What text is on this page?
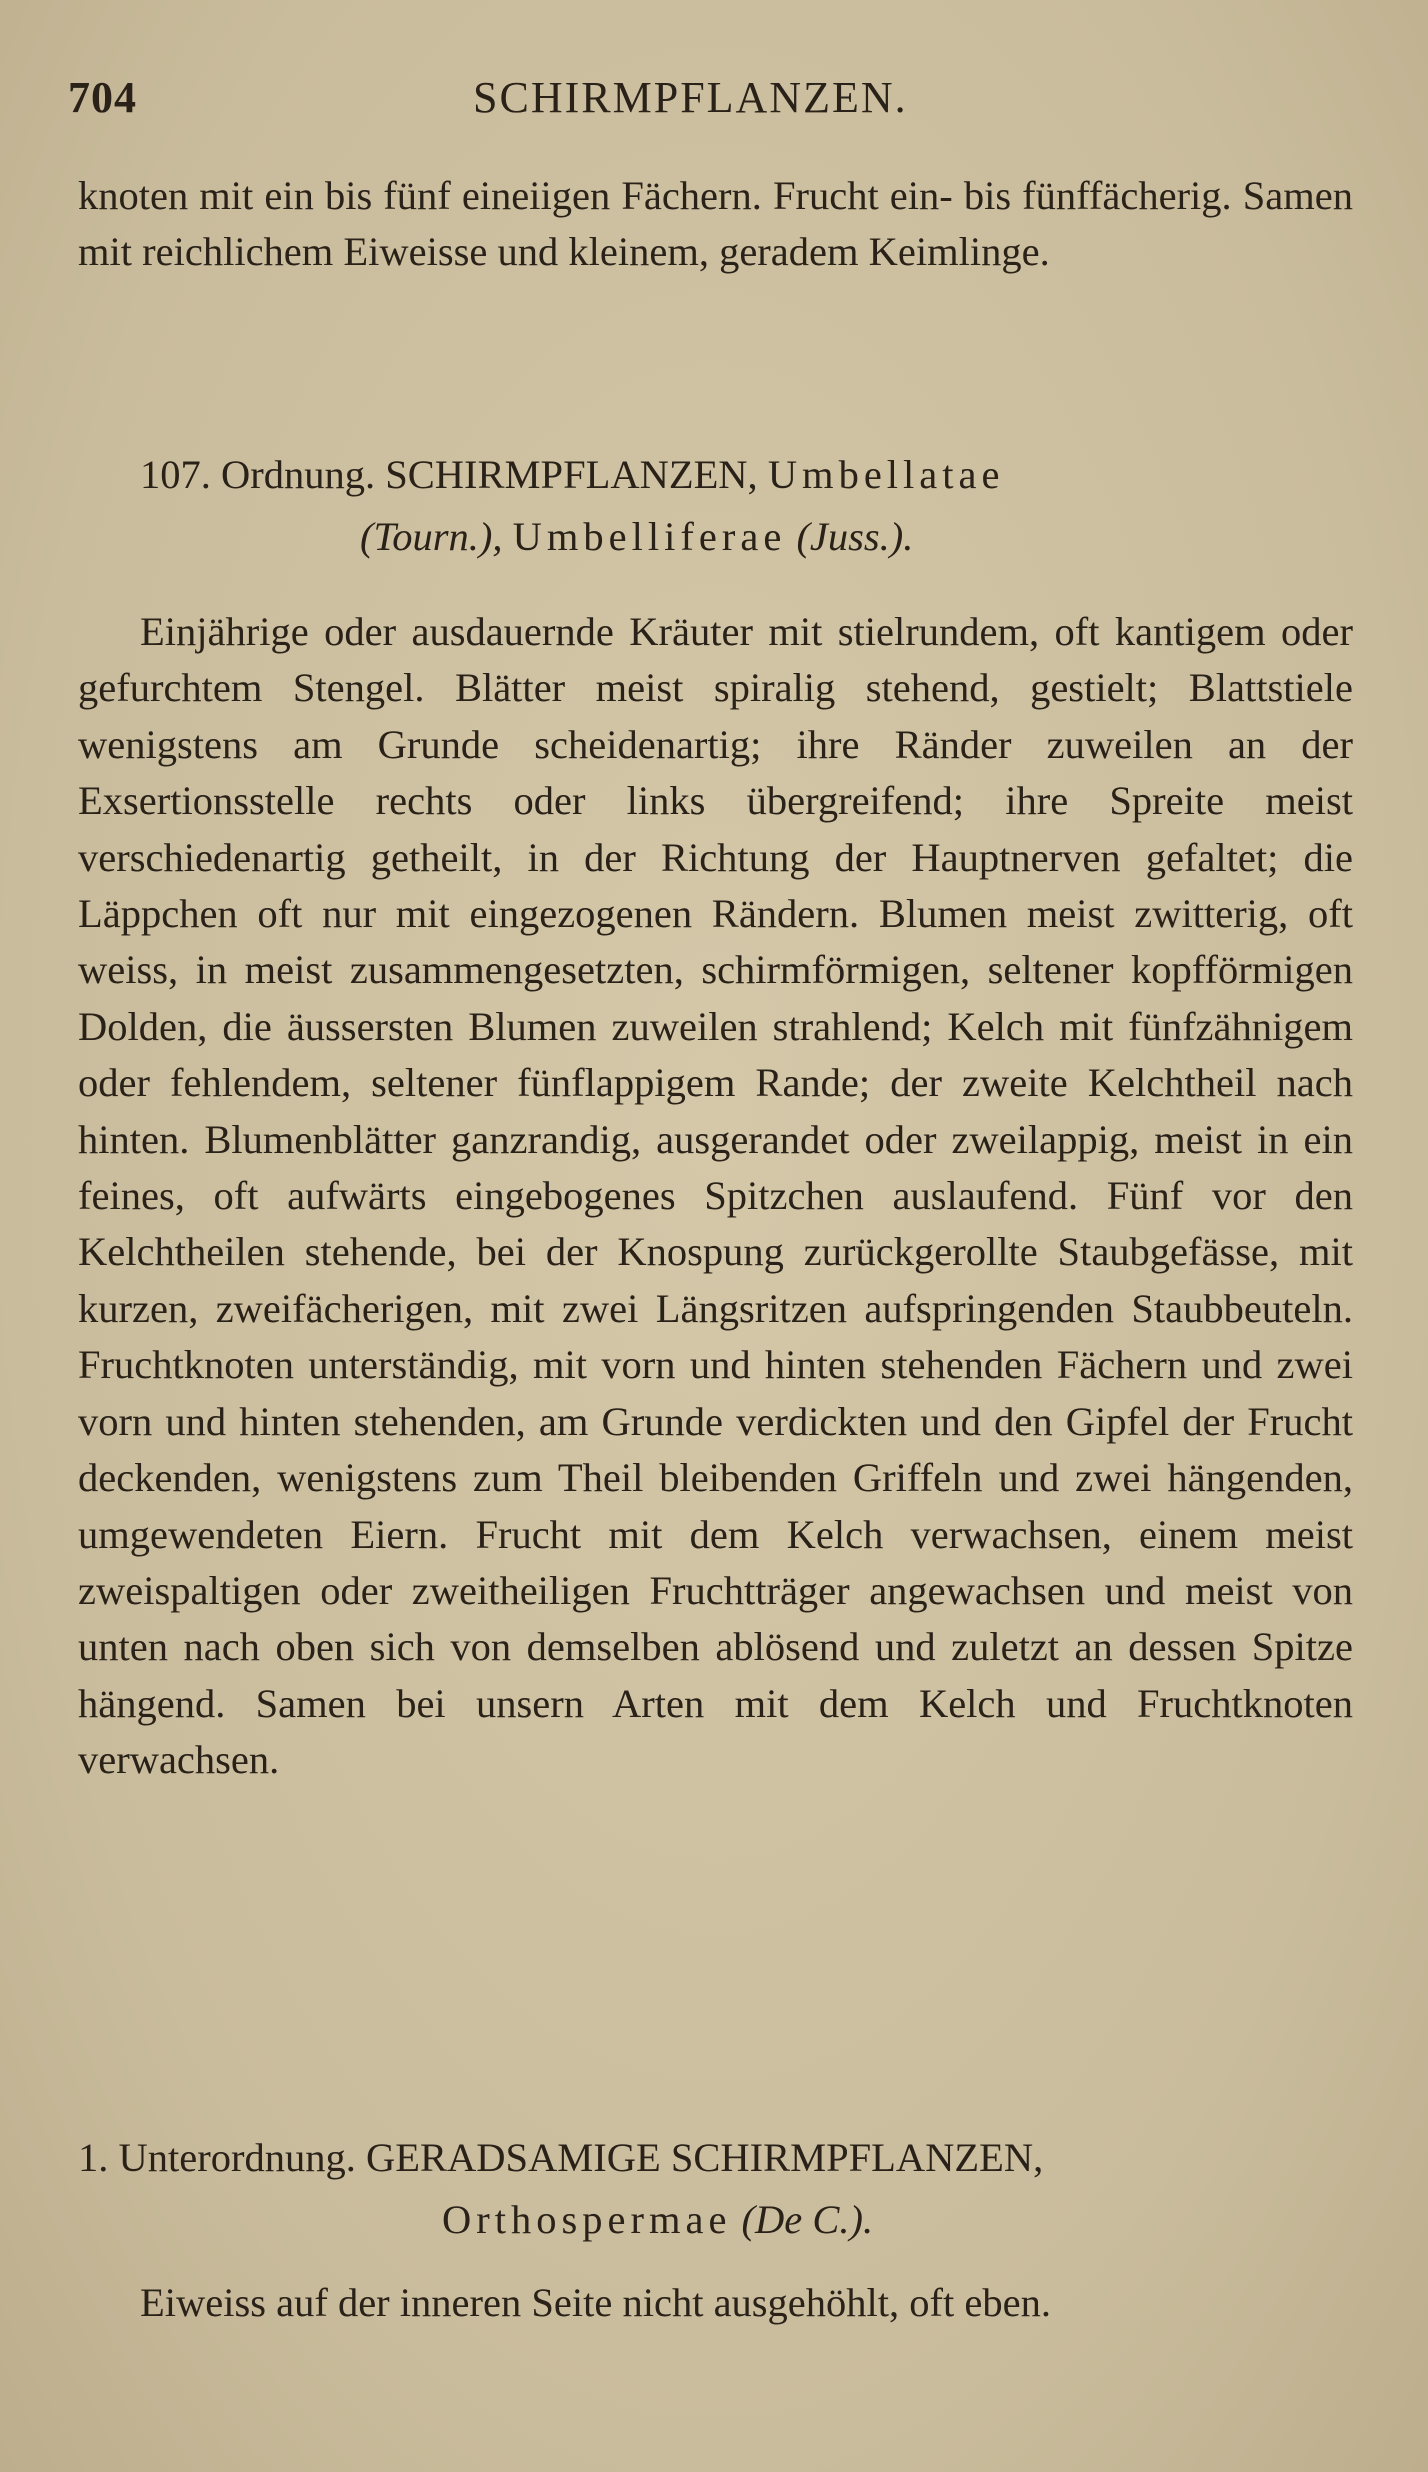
704	SCHIRMPFLANZEN.

knoten mit ein bis fünf eineiigen Fächern. Frucht ein- bis fünffächerig. Samen mit reichlichem Eiweisse und kleinem, geradem Keimlinge.

107. Ordnung. SCHIRMPFLANZEN, Umbellatae
(Tourn.), Umbelliferae (Juss.).

Einjährige oder ausdauernde Kräuter mit stielrundem, oft kantigem oder gefurchtem Stengel. Blätter meist spiralig stehend, gestielt; Blattstiele wenigstens am Grunde scheidenartig; ihre Ränder zuweilen an der Exsertionsstelle rechts oder links übergreifend; ihre Spreite meist verschiedenartig getheilt, in der Richtung der Hauptnerven gefaltet; die Läppchen oft nur mit eingezogenen Rändern. Blumen meist zwitterig, oft weiss, in meist zusammengesetzten, schirmförmigen, seltener kopfförmigen Dolden, die äussersten Blumen zuweilen strahlend; Kelch mit fünfzähnigem oder fehlendem, seltener fünflappigem Rande; der zweite Kelchtheil nach hinten. Blumenblätter ganzrandig, ausgerandet oder zweilappig, meist in ein feines, oft aufwärts eingebogenes Spitzchen auslaufend. Fünf vor den Kelchtheilen stehende, bei der Knospung zurückgerollte Staubgefässe, mit kurzen, zweifächerigen, mit zwei Längsritzen aufspringenden Staubbeuteln. Fruchtknoten unterständig, mit vorn und hinten stehenden Fächern und zwei vorn und hinten stehenden, am Grunde verdickten und den Gipfel der Frucht deckenden, wenigstens zum Theil bleibenden Griffeln und zwei hängenden, umgewendeten Eiern. Frucht mit dem Kelch verwachsen, einem meist zweispaltigen oder zweitheiligen Fruchtträger angewachsen und meist von unten nach oben sich von demselben ablösend und zuletzt an dessen Spitze hängend. Samen bei unsern Arten mit dem Kelch und Fruchtknoten verwachsen.

1. Unterordnung. GERADSAMIGE SCHIRMPFLANZEN,
Orthospermae (De C.).

Eiweiss auf der inneren Seite nicht ausgehöhlt, oft eben.
